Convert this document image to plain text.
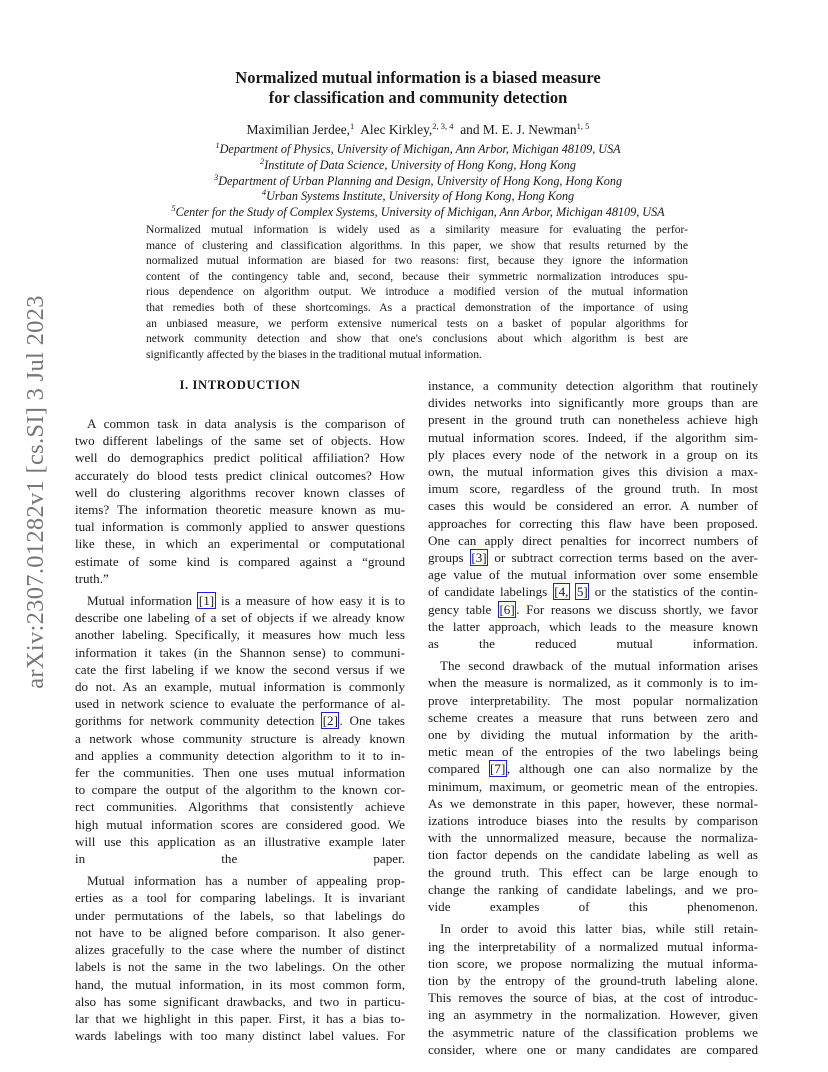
arXiv:2307.01282v1 [cs.SI] 3 Jul 2023
Normalized mutual information is a biased measure
for classification and community detection
Maximilian Jerdee,$^1$ Alec Kirkley,$^{2, 3, 4}$ and M. E. J. Newman$^{1, 5}$
$^1$Department of Physics, University of Michigan, Ann Arbor, Michigan 48109, USA
$^2$Institute of Data Science, University of Hong Kong, Hong Kong
$^3$Department of Urban Planning and Design, University of Hong Kong, Hong Kong
$^4$Urban Systems Institute, University of Hong Kong, Hong Kong
$^5$Center for the Study of Complex Systems, University of Michigan, Ann Arbor, Michigan 48109, USA
Normalized mutual information is widely used as a similarity measure for evaluating the perfor-
mance of clustering and classification algorithms. In this paper, we show that results returned by the
normalized mutual information are biased for two reasons: first, because they ignore the information
content of the contingency table and, second, because their symmetric normalization introduces spu-
rious dependence on algorithm output. We introduce a modified version of the mutual information
that remedies both of these shortcomings. As a practical demonstration of the importance of using
an unbiased measure, we perform extensive numerical tests on a basket of popular algorithms for
network community detection and show that one's conclusions about which algorithm is best are
significantly affected by the biases in the traditional mutual information.
I. INTRODUCTION
A common task in data analysis is the comparison of
two different labelings of the same set of objects. How
well do demographics predict political affiliation? How
accurately do blood tests predict clinical outcomes? How
well do clustering algorithms recover known classes of
items? The information theoretic measure known as mu-
tual information is commonly applied to answer questions
like these, in which an experimental or computational
estimate of some kind is compared against a “ground
truth.”
Mutual information [1] is a measure of how easy it is to
describe one labeling of a set of objects if we already know
another labeling. Specifically, it measures how much less
information it takes (in the Shannon sense) to communi-
cate the first labeling if we know the second versus if we
do not. As an example, mutual information is commonly
used in network science to evaluate the performance of al-
gorithms for network community detection [2] . One takes
a network whose community structure is already known
and applies a community detection algorithm to it to in-
fer the communities. Then one uses mutual information
to compare the output of the algorithm to the known cor-
rect communities. Algorithms that consistently achieve
high mutual information scores are considered good. We
will use this application as an illustrative example later
in the paper.
Mutual information has a number of appealing prop-
erties as a tool for comparing labelings. It is invariant
under permutations of the labels, so that labelings do
not have to be aligned before comparison. It also gener-
alizes gracefully to the case where the number of distinct
labels is not the same in the two labelings. On the other
hand, the mutual information, in its most common form,
also has some significant drawbacks, and two in particu-
lar that we highlight in this paper. First, it has a bias to-
wards labelings with too many distinct label values. For
instance, a community detection algorithm that routinely
divides networks into significantly more groups than are
present in the ground truth can nonetheless achieve high
mutual information scores. Indeed, if the algorithm sim-
ply places every node of the network in a group on its
own, the mutual information gives this division a max-
imum score, regardless of the ground truth. In most
cases this would be considered an error. A number of
approaches for correcting this flaw have been proposed.
One can apply direct penalties for incorrect numbers of
groups [3] or subtract correction terms based on the aver-
age value of the mutual information over some ensemble
of candidate labelings [4, 5] or the statistics of the contin-
gency table [6] . For reasons we discuss shortly, we favor
the latter approach, which leads to the measure known
as the reduced mutual information.
The second drawback of the mutual information arises
when the measure is normalized, as it commonly is to im-
prove interpretability. The most popular normalization
scheme creates a measure that runs between zero and
one by dividing the mutual information by the arith-
metic mean of the entropies of the two labelings being
compared [7] , although one can also normalize by the
minimum, maximum, or geometric mean of the entropies.
As we demonstrate in this paper, however, these normal-
izations introduce biases into the results by comparison
with the unnormalized measure, because the normaliza-
tion factor depends on the candidate labeling as well as
the ground truth. This effect can be large enough to
change the ranking of candidate labelings, and we pro-
vide examples of this phenomenon.
In order to avoid this latter bias, while still retain-
ing the interpretability of a normalized mutual informa-
tion score, we propose normalizing the mutual informa-
tion by the entropy of the ground-truth labeling alone.
This removes the source of bias, at the cost of introduc-
ing an asymmetry in the normalization. However, given
the asymmetric nature of the classification problems we
consider, where one or many candidates are compared
